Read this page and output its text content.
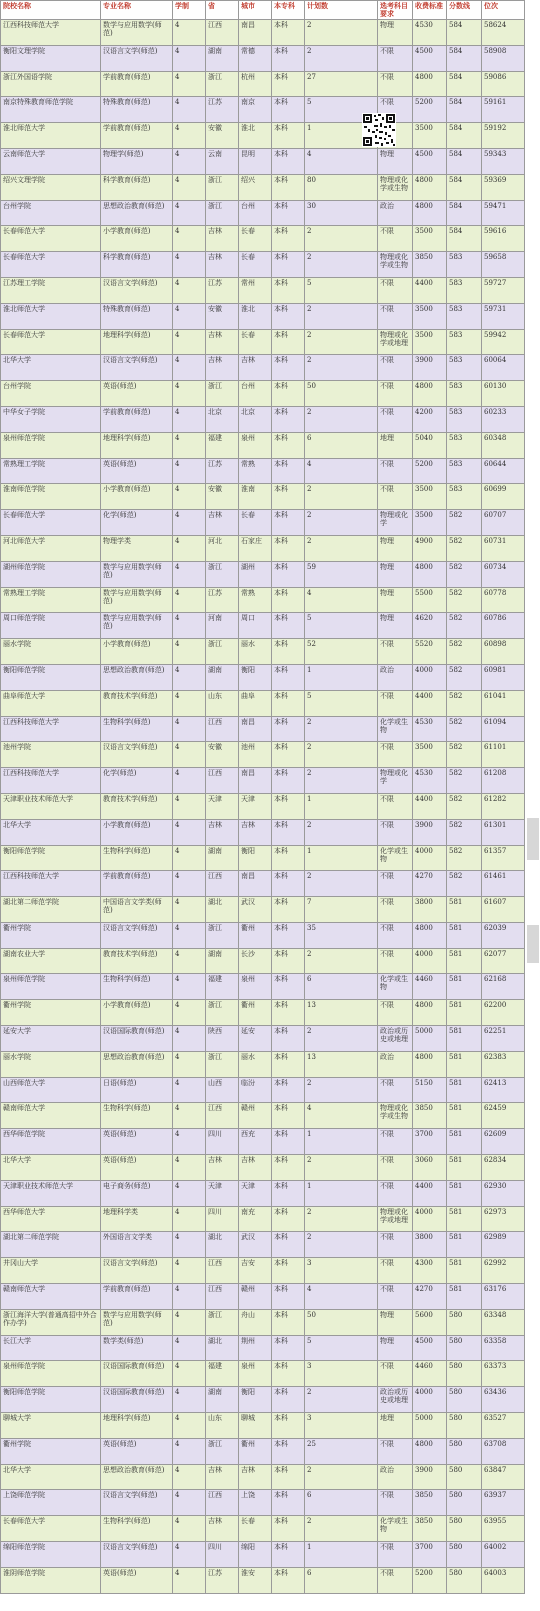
院校名称	专业名称	学制	省	城市	本专科	计划数	选考科目要求	收费标准	分数线	位次
江西科技师范大学	数学与应用数学(师范)	4	江西	南昌	本科	2	物理	4530	584	58624
衡阳文理学院	汉语言文学(师范)	4	湖南	常德	本科	2	不限	4500	584	58908
浙江外国语学院	学前教育(师范)	4	浙江	杭州	本科	27	不限	4800	584	59086
南京特殊教育师范学院	特殊教育(师范)	4	江苏	南京	本科	5	不限	5200	584	59161
淮北师范大学	学前教育(师范)	4	安徽	淮北	本科	1		3500	584	59192
云南师范大学	物理学(师范)	4	云南	昆明	本科	4	物理	4500	584	59343
绍兴文理学院	科学教育(师范)	4	浙江	绍兴	本科	80	物理或化学或生物	4800	584	59369
台州学院	思想政治教育(师范)	4	浙江	台州	本科	30	政治	4800	584	59471
长春师范大学	小学教育(师范)	4	吉林	长春	本科	2	不限	3500	584	59616
长春师范大学	科学教育(师范)	4	吉林	长春	本科	2	物理或化学或生物	3850	583	59658
江苏理工学院	汉语言文学(师范)	4	江苏	常州	本科	5	不限	4400	583	59727
淮北师范大学	特殊教育(师范)	4	安徽	淮北	本科	2	不限	3500	583	59731
长春师范大学	地理科学(师范)	4	吉林	长春	本科	2	物理或化学或地理	3500	583	59942
北华大学	汉语言文学(师范)	4	吉林	吉林	本科	2	不限	3900	583	60064
台州学院	英语(师范)	4	浙江	台州	本科	50	不限	4800	583	60130
中华女子学院	学前教育(师范)	4	北京	北京	本科	2	不限	4200	583	60233
泉州师范学院	地理科学(师范)	4	福建	泉州	本科	6	地理	5040	583	60348
常熟理工学院	英语(师范)	4	江苏	常熟	本科	4	不限	5200	583	60644
淮南师范学院	小学教育(师范)	4	安徽	淮南	本科	2	不限	3500	583	60699
长春师范大学	化学(师范)	4	吉林	长春	本科	2	物理或化学	3500	582	60707
河北师范大学	物理学类	4	河北	石家庄	本科	2	物理	4900	582	60731
湖州师范学院	数学与应用数学(师范)	4	浙江	湖州	本科	59	物理	4800	582	60734
常熟理工学院	数学与应用数学(师范)	4	江苏	常熟	本科	4	物理	5500	582	60778
周口师范学院	数学与应用数学(师范)	4	河南	周口	本科	5	物理	4620	582	60786
丽水学院	小学教育(师范)	4	浙江	丽水	本科	52	不限	5520	582	60898
衡阳师范学院	思想政治教育(师范)	4	湖南	衡阳	本科	1	政治	4000	582	60981
曲阜师范大学	教育技术学(师范)	4	山东	曲阜	本科	5	不限	4400	582	61041
江西科技师范大学	生物科学(师范)	4	江西	南昌	本科	2	化学或生物	4530	582	61094
池州学院	汉语言文学(师范)	4	安徽	池州	本科	2	不限	3500	582	61101
江西科技师范大学	化学(师范)	4	江西	南昌	本科	2	物理或化学	4530	582	61208
天津职业技术师范大学	教育技术学(师范)	4	天津	天津	本科	1	不限	4400	582	61282
北华大学	小学教育(师范)	4	吉林	吉林	本科	2	不限	3900	582	61301
衡阳师范学院	生物科学(师范)	4	湖南	衡阳	本科	1	化学或生物	4000	582	61357
江西科技师范大学	学前教育(师范)	4	江西	南昌	本科	2	不限	4270	582	61461
湖北第二师范学院	中国语言文学类(师范)	4	湖北	武汉	本科	7	不限	3800	581	61607
衢州学院	汉语言文学(师范)	4	浙江	衢州	本科	35	不限	4800	581	62039
湖南农业大学	教育技术学(师范)	4	湖南	长沙	本科	2	不限	4000	581	62077
泉州师范学院	生物科学(师范)	4	福建	泉州	本科	6	化学或生物	4460	581	62168
衢州学院	小学教育(师范)	4	浙江	衢州	本科	13	不限	4800	581	62200
延安大学	汉语国际教育(师范)	4	陕西	延安	本科	2	政治或历史或地理	5000	581	62251
丽水学院	思想政治教育(师范)	4	浙江	丽水	本科	13	政治	4800	581	62383
山西师范大学	日语(师范)	4	山西	临汾	本科	2	不限	5150	581	62413
赣南师范大学	生物科学(师范)	4	江西	赣州	本科	4	物理或化学或生物	3850	581	62459
西华师范学院	英语(师范)	4	四川	西充	本科	1	不限	3700	581	62609
北华大学	英语(师范)	4	吉林	吉林	本科	2	不限	3060	581	62834
天津职业技术师范大学	电子商务(师范)	4	天津	天津	本科	1	不限	4400	581	62930
西华师范大学	地理科学类	4	四川	南充	本科	2	物理或化学或地理	4000	581	62973
湖北第二师范学院	外国语言文学类	4	湖北	武汉	本科	2	不限	3800	581	62989
井冈山大学	汉语言文学(师范)	4	江西	吉安	本科	3	不限	4300	581	62992
赣南师范大学	学前教育(师范)	4	江西	赣州	本科	4	不限	4270	581	63176
浙江海洋大学(普通高招中外合作办学)	数学与应用数学(师范)	4	浙江	舟山	本科	50	物理	5600	580	63348
长江大学	数学类(师范)	4	湖北	荆州	本科	5	物理	4500	580	63358
泉州师范学院	汉语国际教育(师范)	4	福建	泉州	本科	3	不限	4460	580	63373
衡阳师范学院	汉语国际教育(师范)	4	湖南	衡阳	本科	2	政治或历史或地理	4000	580	63436
聊城大学	地理科学(师范)	4	山东	聊城	本科	3	地理	5000	580	63527
衢州学院	英语(师范)	4	浙江	衢州	本科	25	不限	4800	580	63708
北华大学	思想政治教育(师范)	4	吉林	吉林	本科	2	政治	3900	580	63847
上饶师范学院	汉语言文学(师范)	4	江西	上饶	本科	6	不限	3850	580	63937
长春师范大学	生物科学(师范)	4	吉林	长春	本科	2	化学或生物	3850	580	63955
绵阳师范学院	汉语言文学(师范)	4	四川	绵阳	本科	1	不限	3700	580	64002
淮阴师范学院	英语(师范)	4	江苏	淮安	本科	6	不限	5200	580	64003
